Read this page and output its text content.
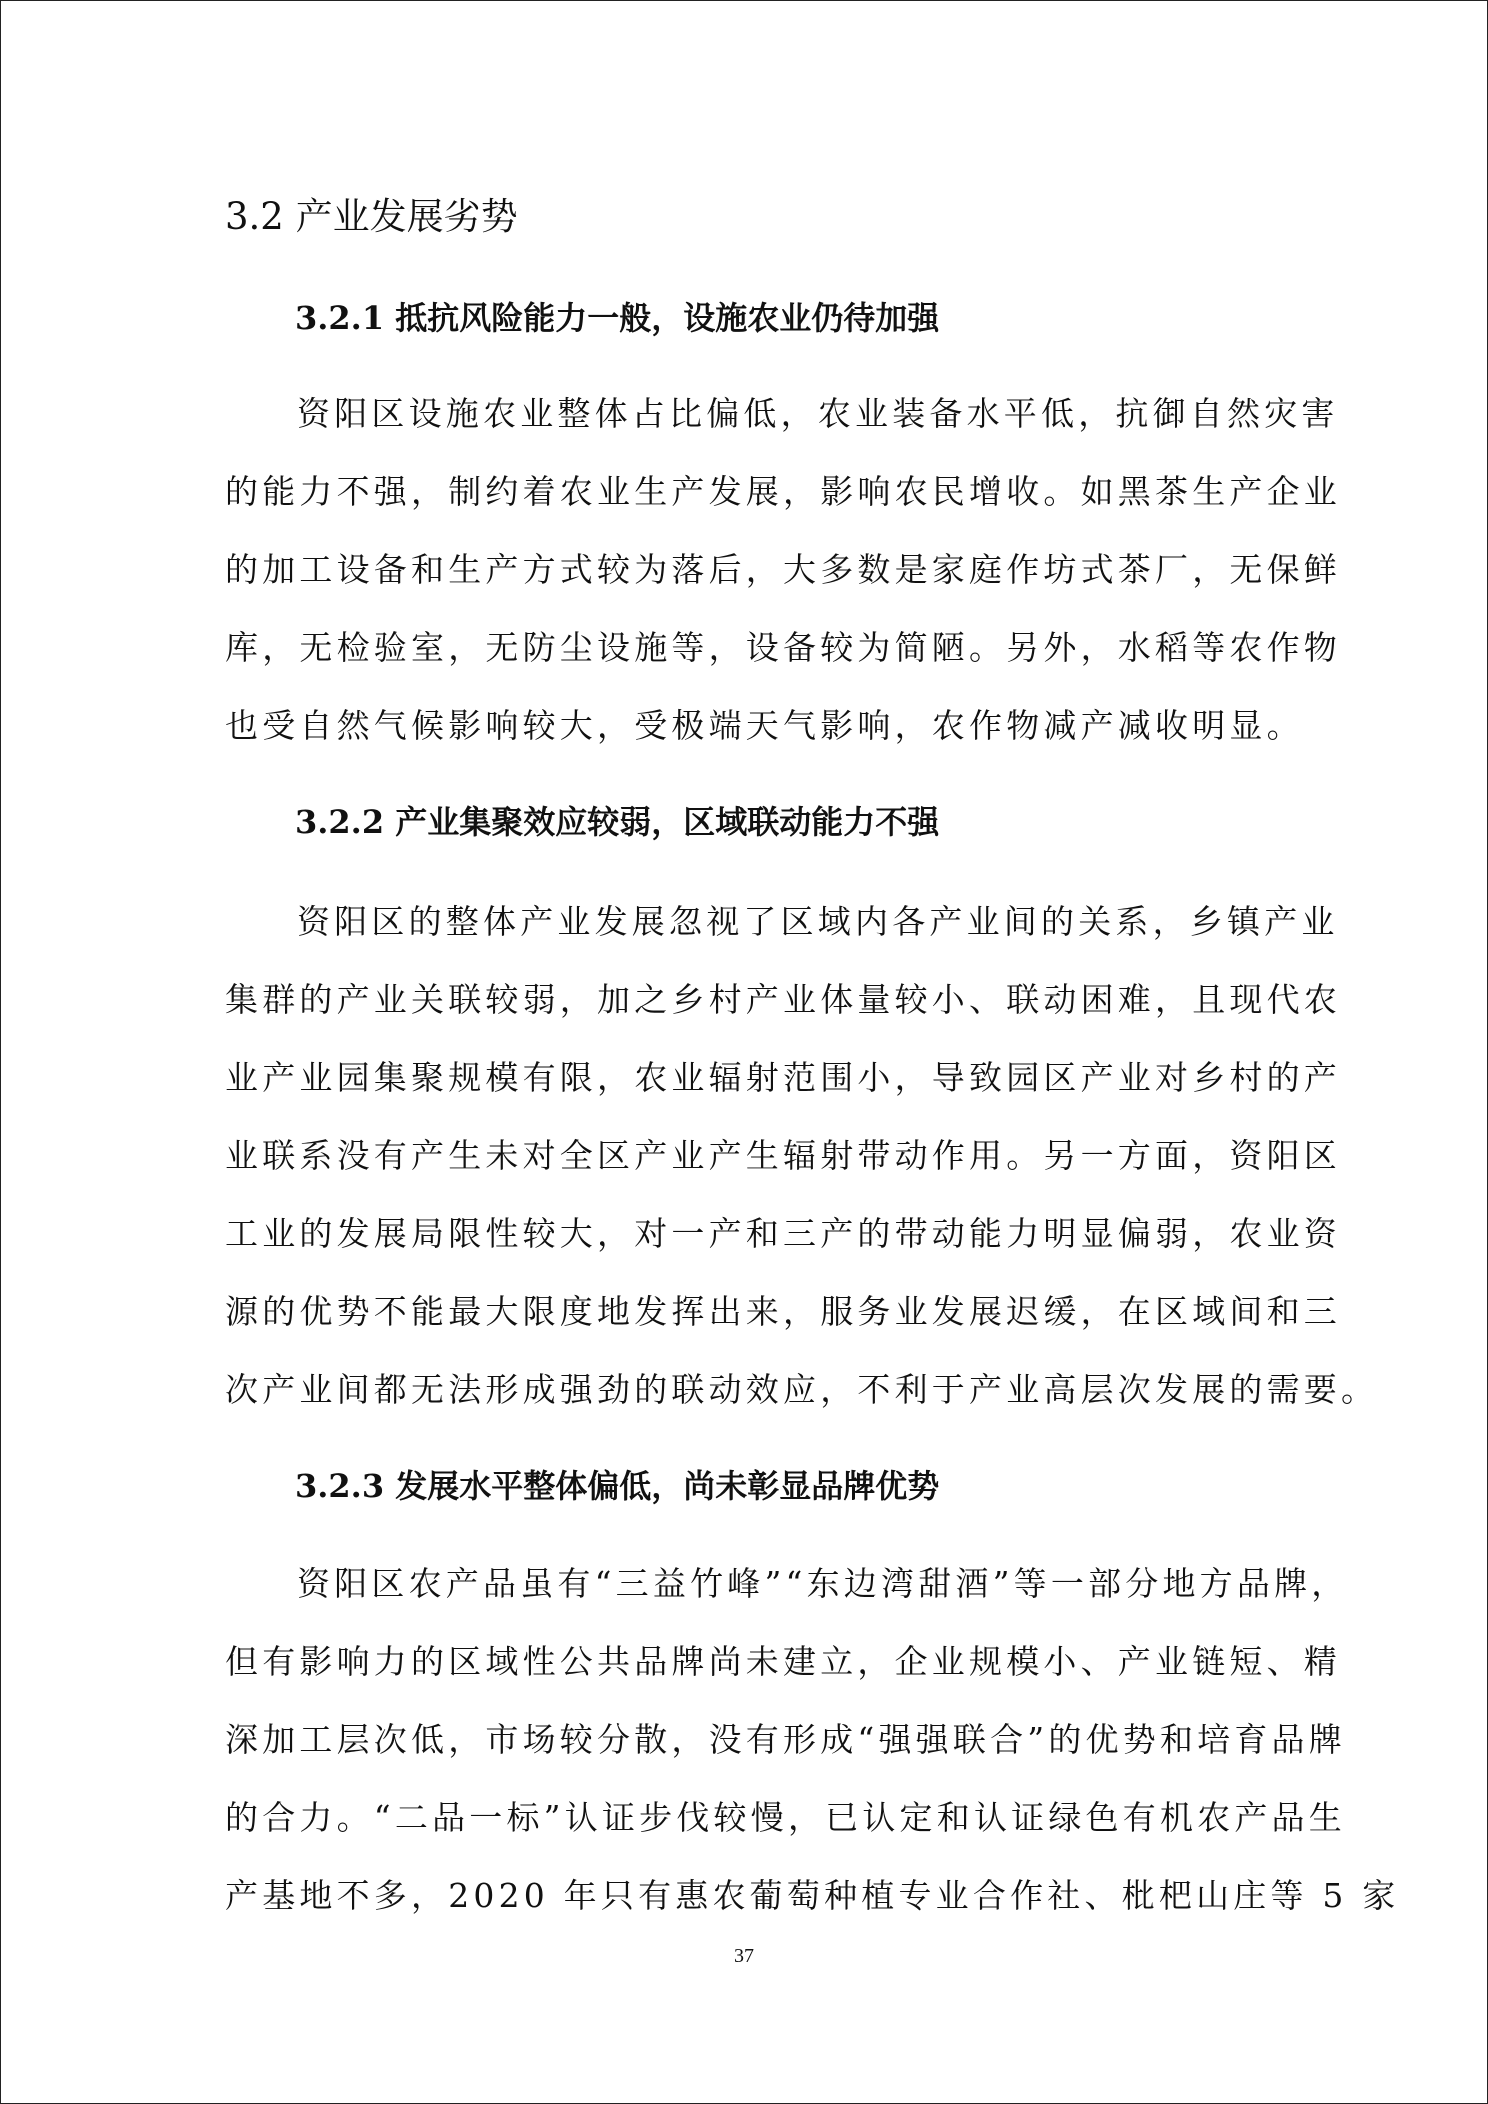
3.2 产业发展劣势
3.2.1 抵抗风险能力一般，设施农业仍待加强
资阳区设施农业整体占比偏低，农业装备水平低，抗御自然灾害
的能力不强，制约着农业生产发展，影响农民增收。如黑茶生产企业
的加工设备和生产方式较为落后，大多数是家庭作坊式茶厂，无保鲜
库，无检验室，无防尘设施等，设备较为简陋。另外，水稻等农作物
也受自然气候影响较大，受极端天气影响，农作物减产减收明显。
3.2.2 产业集聚效应较弱，区域联动能力不强
资阳区的整体产业发展忽视了区域内各产业间的关系，乡镇产业
集群的产业关联较弱，加之乡村产业体量较小、联动困难，且现代农
业产业园集聚规模有限，农业辐射范围小，导致园区产业对乡村的产
业联系没有产生未对全区产业产生辐射带动作用。另一方面，资阳区
工业的发展局限性较大，对一产和三产的带动能力明显偏弱，农业资
源的优势不能最大限度地发挥出来，服务业发展迟缓，在区域间和三
次产业间都无法形成强劲的联动效应，不利于产业高层次发展的需要。
3.2.3 发展水平整体偏低，尚未彰显品牌优势
资阳区农产品虽有“三益竹峰”“东边湾甜酒”等一部分地方品牌，
但有影响力的区域性公共品牌尚未建立，企业规模小、产业链短、精
深加工层次低，市场较分散，没有形成“强强联合”的优势和培育品牌
的合力。“二品一标”认证步伐较慢，已认定和认证绿色有机农产品生
产基地不多，2020 年只有惠农葡萄种植专业合作社、枇杷山庄等 5 家
37
